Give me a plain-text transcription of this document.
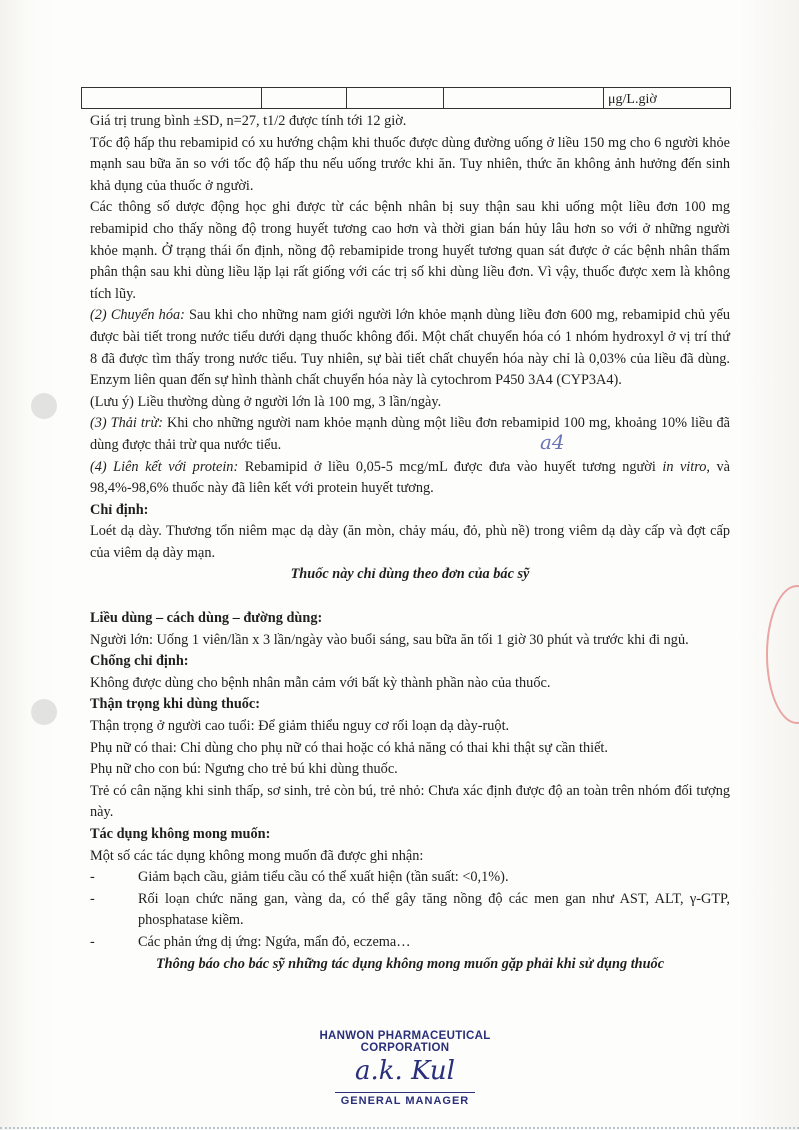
				μg/L.giờ
a4

Giá trị trung bình ±SD, n=27, t1/2 được tính tới 12 giờ.

Tốc độ hấp thu rebamipid có xu hướng chậm khi thuốc được dùng đường uống ở liều 150 mg cho 6 người khỏe mạnh sau bữa ăn so với tốc độ hấp thu nếu uống trước khi ăn. Tuy nhiên, thức ăn không ảnh hưởng đến sinh khả dụng của thuốc ở người.

Các thông số dược động học ghi được từ các bệnh nhân bị suy thận sau khi uống một liều đơn 100 mg rebamipid cho thấy nồng độ trong huyết tương cao hơn và thời gian bán hủy lâu hơn so với ở những người khỏe mạnh. Ở trạng thái ổn định, nồng độ rebamipide trong huyết tương quan sát được ở các bệnh nhân thẩm phân thận sau khi dùng liều lặp lại rất giống với các trị số khi dùng liều đơn. Vì vậy, thuốc được xem là không tích lũy.

(2) Chuyển hóa: Sau khi cho những nam giới người lớn khỏe mạnh dùng liều đơn 600 mg, rebamipid chủ yếu được bài tiết trong nước tiểu dưới dạng thuốc không đổi. Một chất chuyển hóa có 1 nhóm hydroxyl ở vị trí thứ 8 đã được tìm thấy trong nước tiểu. Tuy nhiên, sự bài tiết chất chuyển hóa này chỉ là 0,03% của liều đã dùng. Enzym liên quan đến sự hình thành chất chuyển hóa này là cytochrom P450 3A4 (CYP3A4).

(Lưu ý) Liều thường dùng ở người lớn là 100 mg, 3 lần/ngày.

(3) Thải trừ: Khi cho những người nam khỏe mạnh dùng một liều đơn rebamipid 100 mg, khoảng 10% liều đã dùng được thải trừ qua nước tiểu.

(4) Liên kết với protein: Rebamipid ở liều 0,05-5 mcg/mL được đưa vào huyết tương người in vitro, và 98,4%-98,6% thuốc này đã liên kết với protein huyết tương.

Chỉ định:

Loét dạ dày. Thương tổn niêm mạc dạ dày (ăn mòn, chảy máu, đỏ, phù nề) trong viêm dạ dày cấp và đợt cấp của viêm dạ dày mạn.

Thuốc này chỉ dùng theo đơn của bác sỹ

Liều dùng – cách dùng – đường dùng:

Người lớn: Uống 1 viên/lần x 3 lần/ngày vào buổi sáng, sau bữa ăn tối 1 giờ 30 phút và trước khi đi ngủ.

Chống chỉ định:

Không được dùng cho bệnh nhân mẫn cảm với bất kỳ thành phần nào của thuốc.

Thận trọng khi dùng thuốc:

Thận trọng ở người cao tuổi: Để giảm thiểu nguy cơ rối loạn dạ dày-ruột.

Phụ nữ có thai: Chỉ dùng cho phụ nữ có thai hoặc có khả năng có thai khi thật sự cần thiết.

Phụ nữ cho con bú: Ngưng cho trẻ bú khi dùng thuốc.

Trẻ có cân nặng khi sinh thấp, sơ sinh, trẻ còn bú, trẻ nhỏ: Chưa xác định được độ an toàn trên nhóm đối tượng này.

Tác dụng không mong muốn:

Một số các tác dụng không mong muốn đã được ghi nhận:

-	Giảm bạch cầu, giảm tiểu cầu có thể xuất hiện (tần suất: <0,1%).

-	Rối loạn chức năng gan, vàng da, có thể gây tăng nồng độ các men gan như AST, ALT, γ-GTP, phosphatase kiềm.

-	Các phản ứng dị ứng: Ngứa, mẩn đỏ, eczema…

Thông báo cho bác sỹ những tác dụng không mong muốn gặp phải khi sử dụng thuốc

HANWON PHARMACEUTICAL CORPORATION
a.k. Kul
GENERAL MANAGER
